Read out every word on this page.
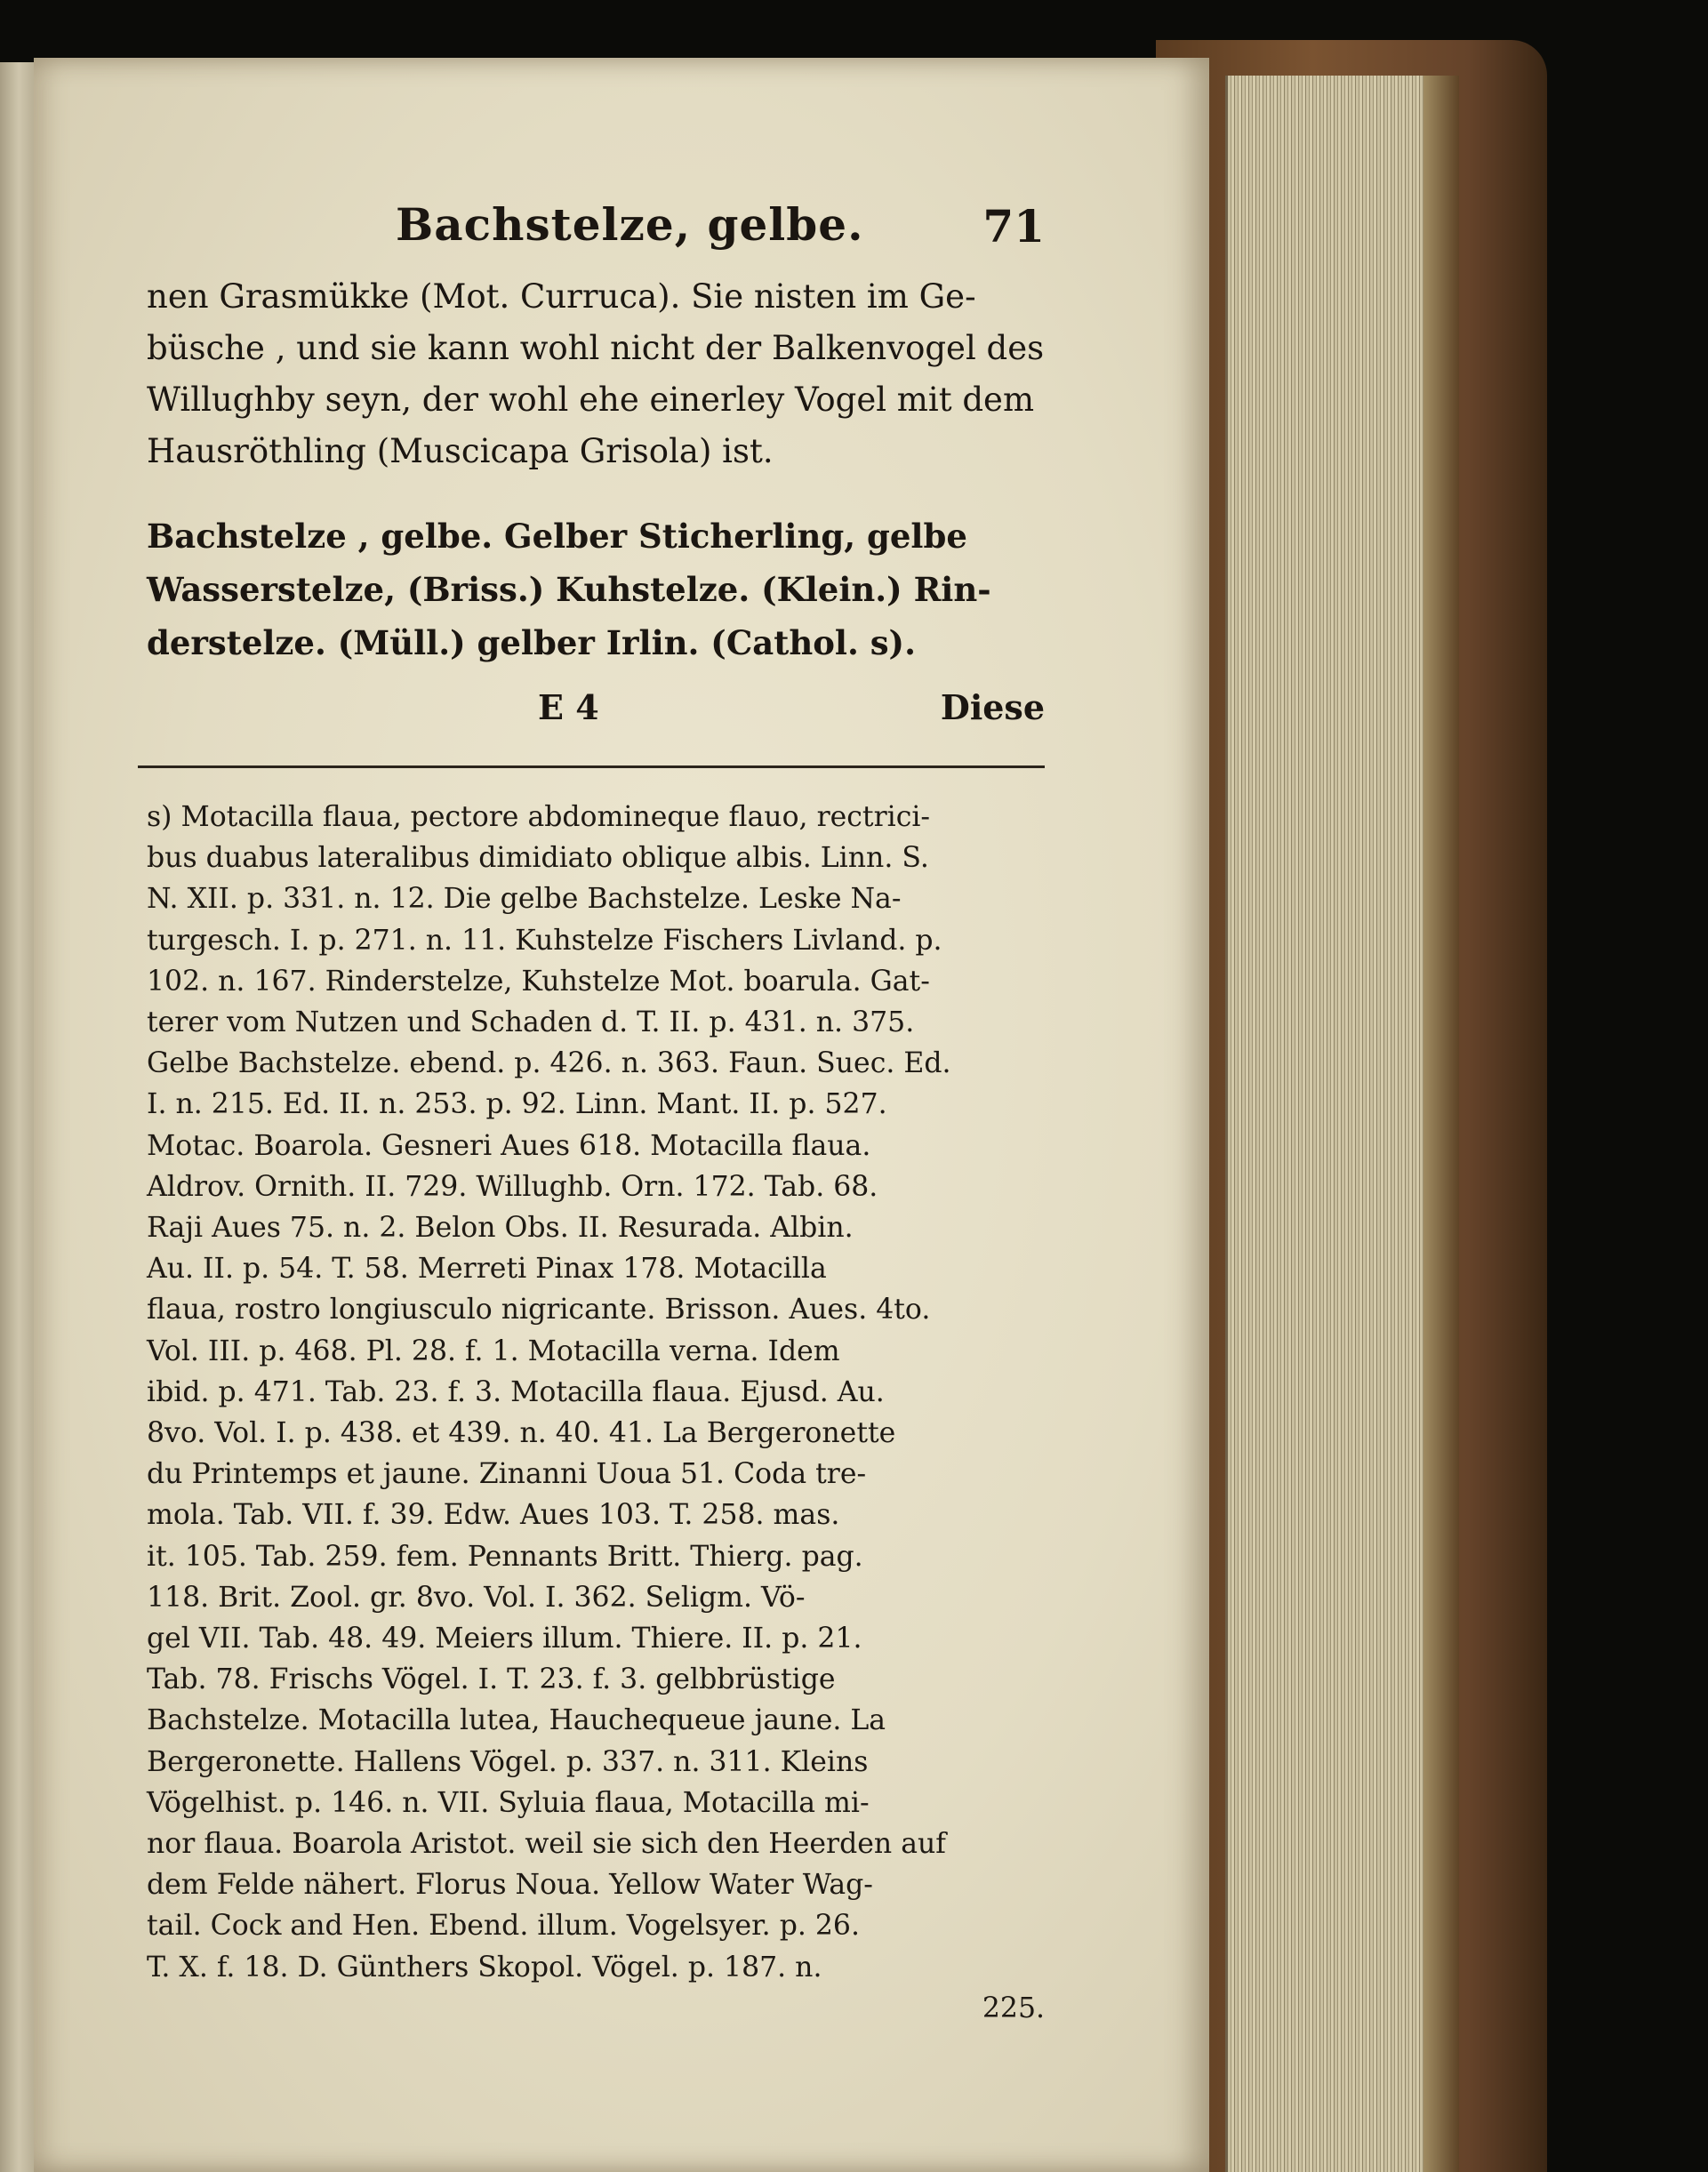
Bachstelze, gelbe.	71

nen Grasmükke (Mot. Curruca). Sie nisten im Ge-
büsche , und sie kann wohl nicht der Balkenvogel des
Willughby seyn, der wohl ehe einerley Vogel mit dem
Hausröthling (Muscicapa Grisola) ist.

Bachstelze , gelbe. Gelber Sticherling, gelbe
Wasserstelze, (Briss.) Kuhstelze. (Klein.) Rin-
derstelze. (Müll.) gelber Irlin. (Cathol. s).
E 4	Diese
s) Motacilla flaua, pectore abdomineque flauo, rectrici-
bus duabus lateralibus dimidiato oblique albis. Linn. S.
N. XII. p. 331. n. 12. Die gelbe Bachstelze. Leske Na-
turgesch. I. p. 271. n. 11. Kuhstelze Fischers Livland. p.
102. n. 167. Rinderstelze, Kuhstelze Mot. boarula. Gat-
terer vom Nutzen und Schaden d. T. II. p. 431. n. 375.
Gelbe Bachstelze. ebend. p. 426. n. 363. Faun. Suec. Ed.
I. n. 215. Ed. II. n. 253. p. 92. Linn. Mant. II. p. 527.
Motac. Boarola. Gesneri Aues 618. Motacilla flaua.
Aldrov. Ornith. II. 729. Willughb. Orn. 172. Tab. 68.
Raji Aues 75. n. 2. Belon Obs. II. Resurada. Albin.
Au. II. p. 54. T. 58. Merreti Pinax 178. Motacilla
flaua, rostro longiusculo nigricante. Brisson. Aues. 4to.
Vol. III. p. 468. Pl. 28. f. 1. Motacilla verna. Idem
ibid. p. 471. Tab. 23. f. 3. Motacilla flaua. Ejusd. Au.
8vo. Vol. I. p. 438. et 439. n. 40. 41. La Bergeronette
du Printemps et jaune. Zinanni Uoua 51. Coda tre-
mola. Tab. VII. f. 39. Edw. Aues 103. T. 258. mas.
it. 105. Tab. 259. fem. Pennants Britt. Thierg. pag.
118. Brit. Zool. gr. 8vo. Vol. I. 362. Seligm. Vö-
gel VII. Tab. 48. 49. Meiers illum. Thiere. II. p. 21.
Tab. 78. Frischs Vögel. I. T. 23. f. 3. gelbbrüstige
Bachstelze. Motacilla lutea, Hauchequeue jaune. La
Bergeronette. Hallens Vögel. p. 337. n. 311. Kleins
Vögelhist. p. 146. n. VII. Syluia flaua, Motacilla mi-
nor flaua. Boarola Aristot. weil sie sich den Heerden auf
dem Felde nähert. Florus Noua. Yellow Water Wag-
tail. Cock and Hen. Ebend. illum. Vogelsyer. p. 26.
T. X. f. 18. D. Günthers Skopol. Vögel. p. 187. n.
225.
